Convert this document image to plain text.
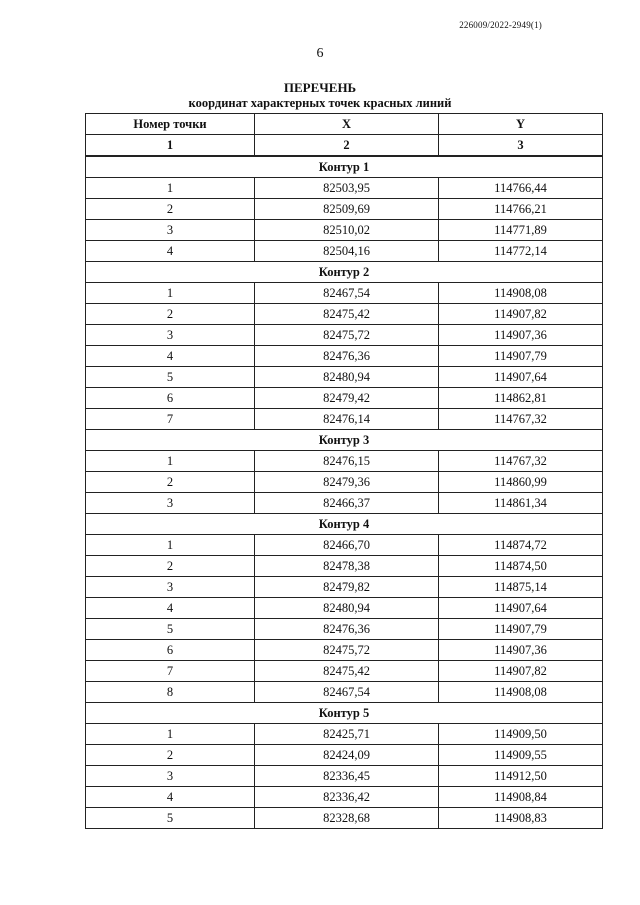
226009/2022-2949(1)
6
ПЕРЕЧЕНЬ
координат характерных точек красных линий
Номер точки	X	Y
1	2	3
Контур 1		
1	82503,95	114766,44
2	82509,69	114766,21
3	82510,02	114771,89
4	82504,16	114772,14
Контур 2		
1	82467,54	114908,08
2	82475,42	114907,82
3	82475,72	114907,36
4	82476,36	114907,79
5	82480,94	114907,64
6	82479,42	114862,81
7	82476,14	114767,32
Контур 3		
1	82476,15	114767,32
2	82479,36	114860,99
3	82466,37	114861,34
Контур 4		
1	82466,70	114874,72
2	82478,38	114874,50
3	82479,82	114875,14
4	82480,94	114907,64
5	82476,36	114907,79
6	82475,72	114907,36
7	82475,42	114907,82
8	82467,54	114908,08
Контур 5		
1	82425,71	114909,50
2	82424,09	114909,55
3	82336,45	114912,50
4	82336,42	114908,84
5	82328,68	114908,83
